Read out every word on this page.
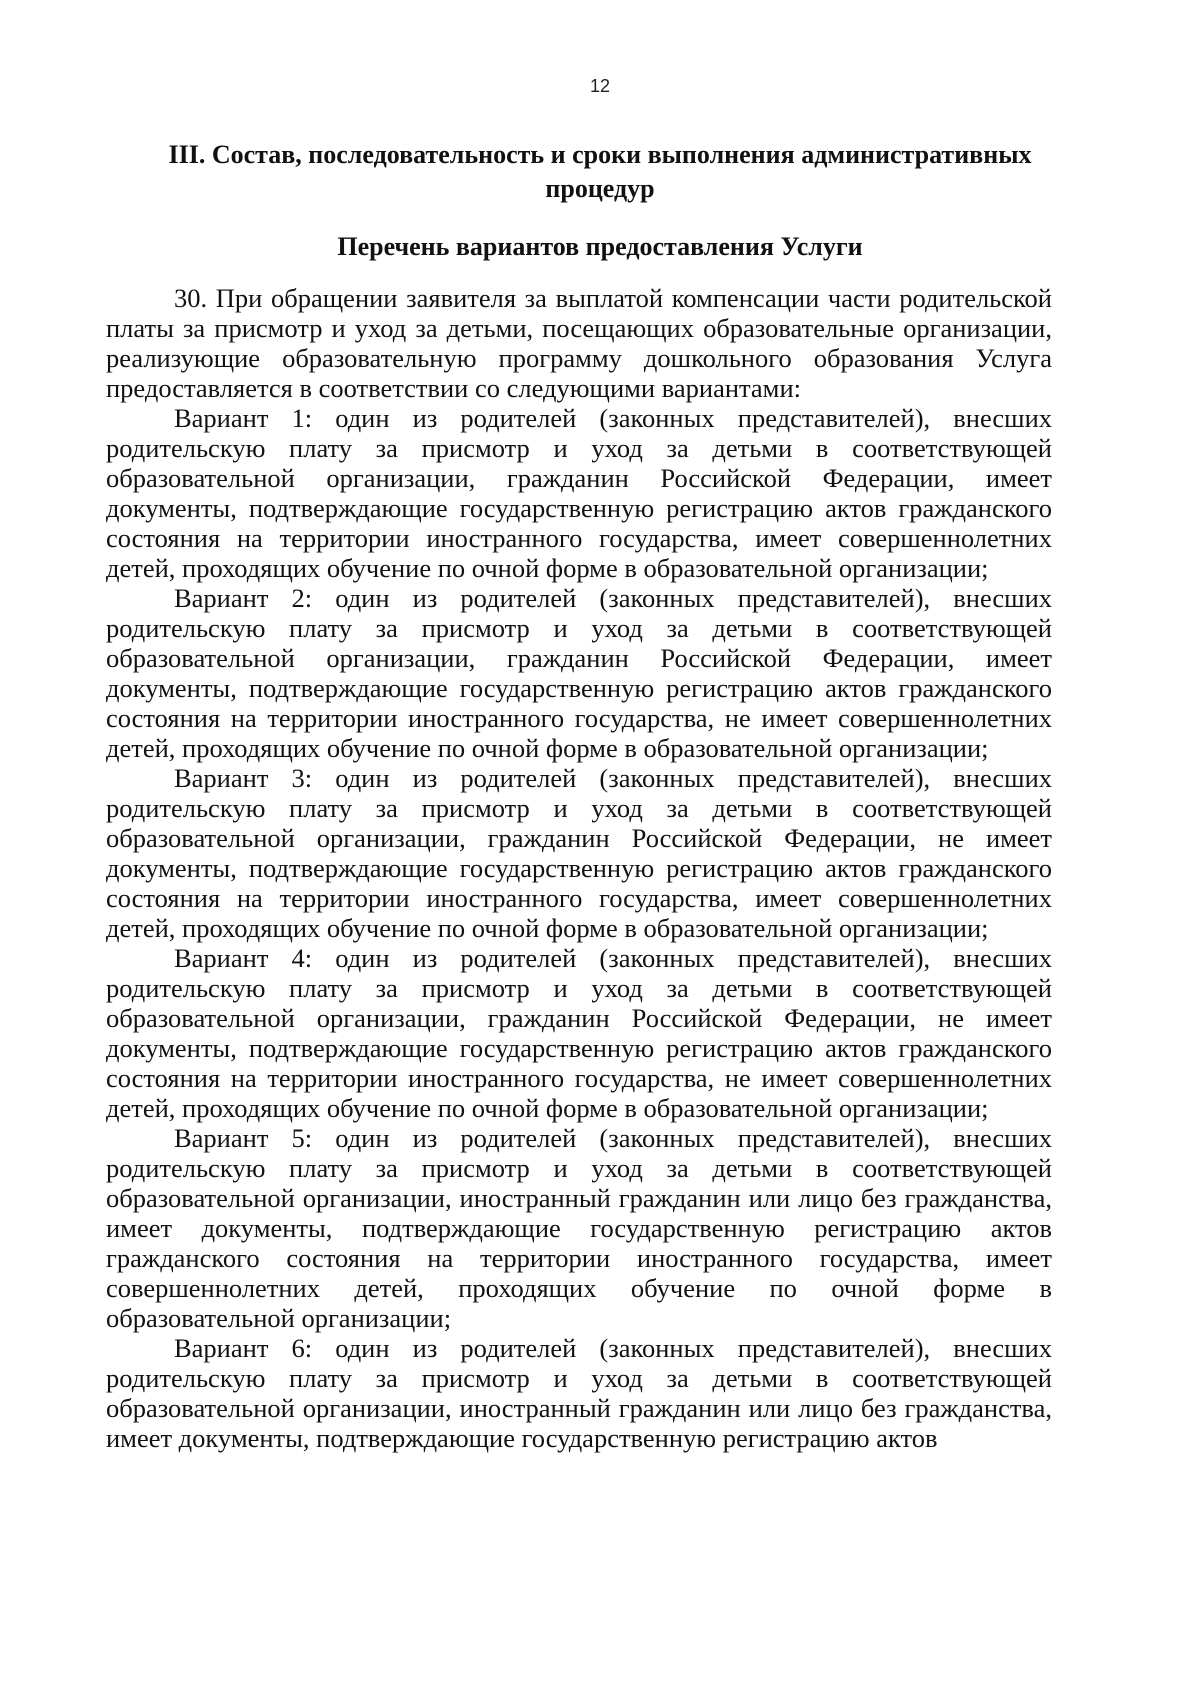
12
III. Состав, последовательность и сроки выполнения административных процедур
Перечень вариантов предоставления Услуги

30. При обращении заявителя за выплатой компенсации части родительской платы за присмотр и уход за детьми, посещающих образовательные организации, реализующие образовательную программу дошкольного образования Услуга предоставляется в соответствии со следующими вариантами:

Вариант 1: один из родителей (законных представителей), внесших родительскую плату за присмотр и уход за детьми в соответствующей образовательной организации, гражданин Российской Федерации, имеет документы, подтверждающие государственную регистрацию актов гражданского состояния на территории иностранного государства, имеет совершеннолетних детей, проходящих обучение по очной форме в образовательной организации;

Вариант 2: один из родителей (законных представителей), внесших родительскую плату за присмотр и уход за детьми в соответствующей образовательной организации, гражданин Российской Федерации, имеет документы, подтверждающие государственную регистрацию актов гражданского состояния на территории иностранного государства, не имеет совершеннолетних детей, проходящих обучение по очной форме в образовательной организации;

Вариант 3: один из родителей (законных представителей), внесших родительскую плату за присмотр и уход за детьми в соответствующей образовательной организации, гражданин Российской Федерации, не имеет документы, подтверждающие государственную регистрацию актов гражданского состояния на территории иностранного государства, имеет совершеннолетних детей, проходящих обучение по очной форме в образовательной организации;

Вариант 4: один из родителей (законных представителей), внесших родительскую плату за присмотр и уход за детьми в соответствующей образовательной организации, гражданин Российской Федерации, не имеет документы, подтверждающие государственную регистрацию актов гражданского состояния на территории иностранного государства, не имеет совершеннолетних детей, проходящих обучение по очной форме в образовательной организации;

Вариант 5: один из родителей (законных представителей), внесших родительскую плату за присмотр и уход за детьми в соответствующей образовательной организации, иностранный гражданин или лицо без гражданства, имеет документы, подтверждающие государственную регистрацию актов гражданского состояния на территории иностранного государства, имеет совершеннолетних детей, проходящих обучение по очной форме в образовательной организации;

Вариант 6: один из родителей (законных представителей), внесших родительскую плату за присмотр и уход за детьми в соответствующей образовательной организации, иностранный гражданин или лицо без гражданства, имеет документы, подтверждающие государственную регистрацию актов
